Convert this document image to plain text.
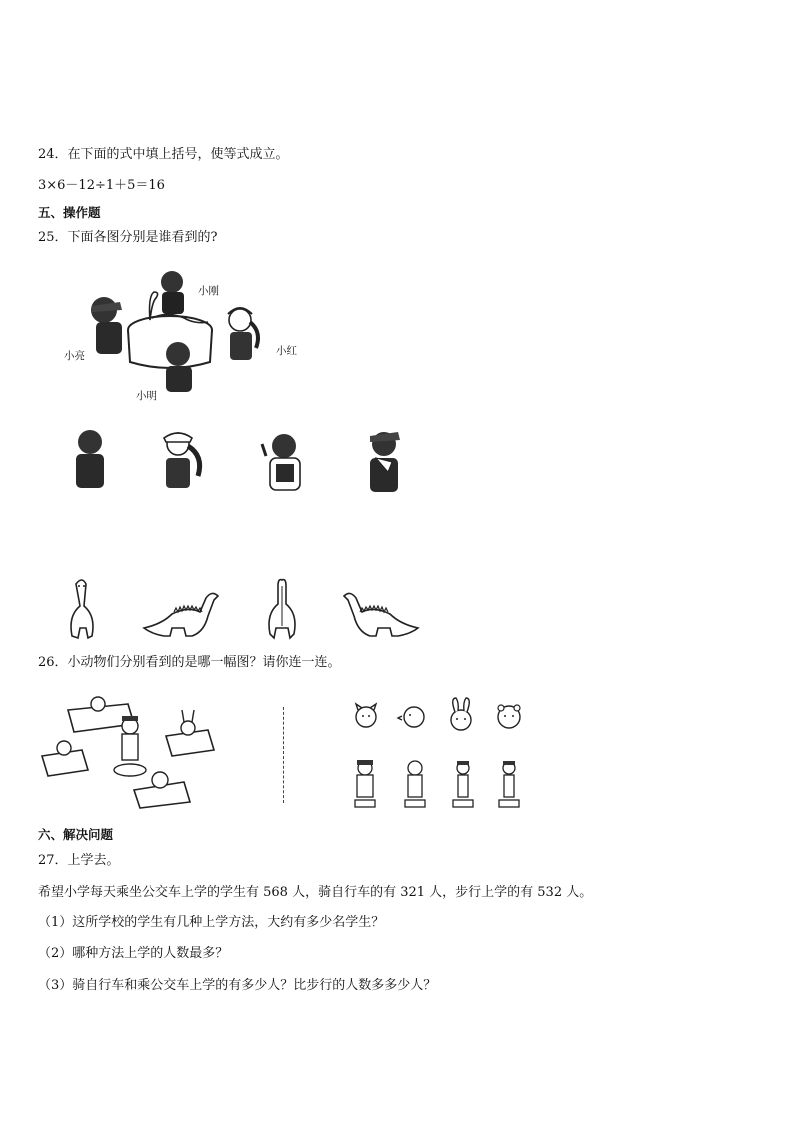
24．在下面的式中填上括号，使等式成立。
3×6－12÷1＋5＝16
五、操作题
25．下面各图分别是谁看到的?
小刚
小亮	小红
小明
26．小动物们分别看到的是哪一幅图？请你连一连。
六、解决问题
27．上学去。
希望小学每天乘坐公交车上学的学生有 568 人，骑自行车的有 321 人，步行上学的有 532 人。
（1）这所学校的学生有几种上学方法，大约有多少名学生？
（2）哪种方法上学的人数最多？
（3）骑自行车和乘公交车上学的有多少人？比步行的人数多多少人？
